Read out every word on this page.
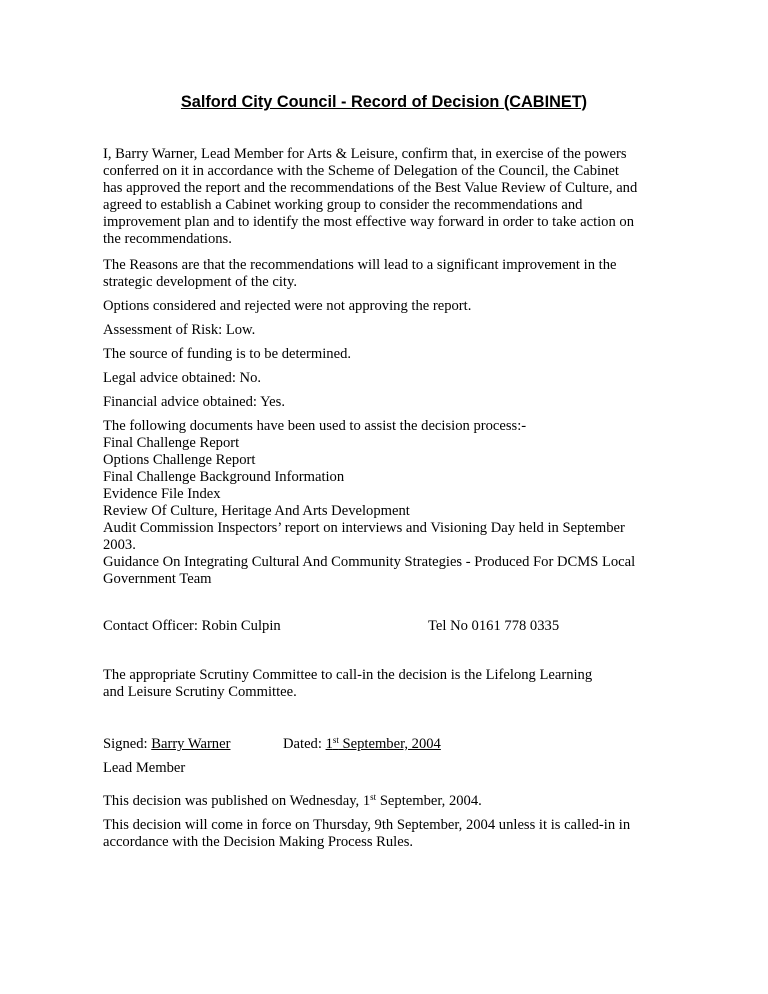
Salford City Council - Record of Decision (CABINET)

I, Barry Warner, Lead Member for Arts & Leisure, confirm that, in exercise of the powers
conferred on it in accordance with the Scheme of Delegation of the Council, the Cabinet
has approved the report and the recommendations of the Best Value Review of Culture, and
agreed to establish a Cabinet working group to consider the recommendations and
improvement plan and to identify the most effective way forward in order to take action on
the recommendations.

The Reasons are that the recommendations will lead to a significant improvement in the
strategic development of the city.

Options considered and rejected were not approving the report.

Assessment of Risk: Low.

The source of funding is to be determined.

Legal advice obtained: No.

Financial advice obtained: Yes.

The following documents have been used to assist the decision process:-
Final Challenge Report
Options Challenge Report
Final Challenge Background Information
Evidence File Index
Review Of Culture, Heritage And Arts Development
Audit Commission Inspectors’ report on interviews and Visioning Day held in September
2003.
Guidance On Integrating Cultural And Community Strategies - Produced For DCMS Local
Government Team

Contact Officer: Robin Culpin	Tel No 0161 778 0335

The appropriate Scrutiny Committee to call-in the decision is the Lifelong Learning
and Leisure Scrutiny Committee.

Signed: Barry Warner	Dated: 1st September, 2004

Lead Member

This decision was published on Wednesday, 1st September, 2004.

This decision will come in force on Thursday, 9th September, 2004 unless it is called-in in
accordance with the Decision Making Process Rules.
